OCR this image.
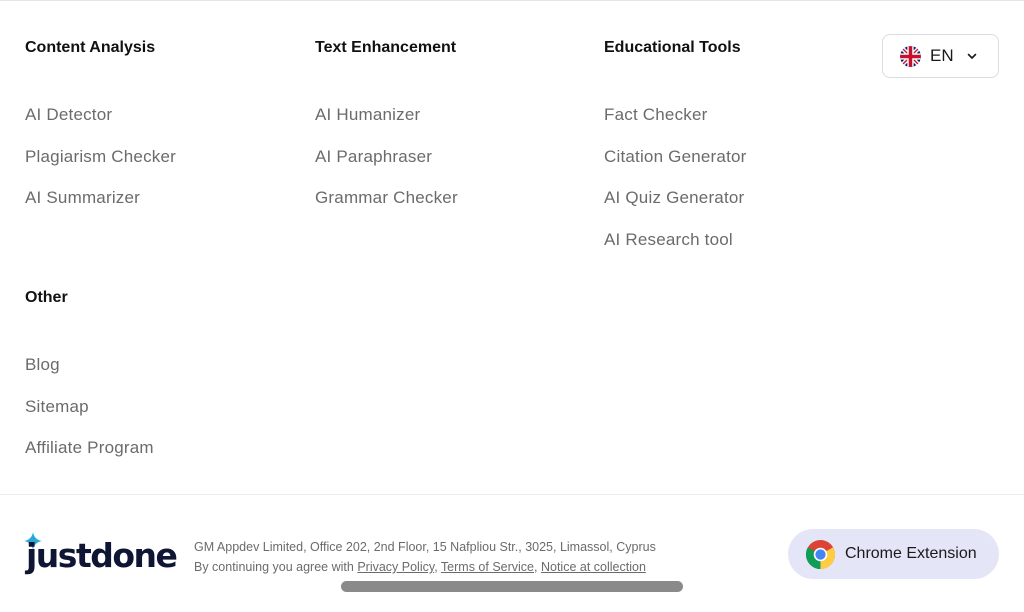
Content Analysis
AI Detector
Plagiarism Checker
AI Summarizer
Text Enhancement
AI Humanizer
AI Paraphraser
Grammar Checker
Educational Tools
Fact Checker
Citation Generator
AI Quiz Generator
AI Research tool
Other
Blog
Sitemap
Affiliate Program
EN
justdone GM Appdev Limited, Office 202, 2nd Floor, 15 Nafpliou Str., 3025, Limassol, Cyprus
By continuing you agree with Privacy Policy, Terms of Service, Notice at collection
Chrome Extension
